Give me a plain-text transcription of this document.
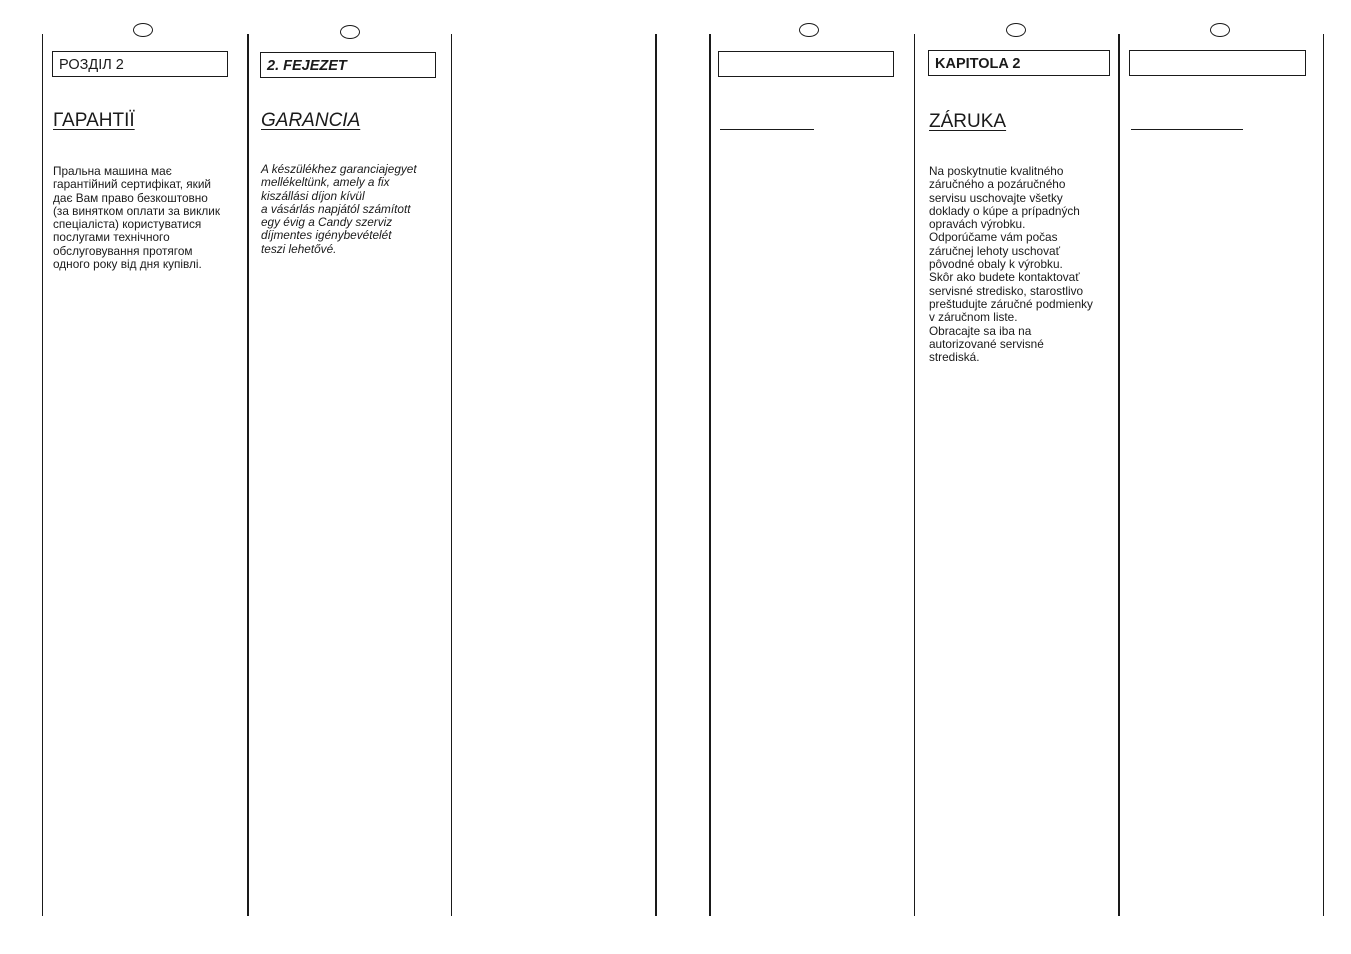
РОЗДІЛ 2
ГАРАНТІЇ
Пральна машина має
гарантійний сертифікат, який
дає Вам право безкоштовно
(за винятком оплати за виклик
спеціаліста) користуватися
послугами технічного
обслуговування протягом
одного року від дня купівлі.
2. FEJEZET
GARANCIA
A készülékhez garanciajegyet
mellékeltünk, amely a fix
kiszállási díjon kívül
a vásárlás napjától számított
egy évig a Candy szerviz
díjmentes igénybevételét
teszi lehetővé.
KAPITOLA 2
ZÁRUKA
Na poskytnutie kvalitného
záručného a pozáručného
servisu uschovajte všetky
doklady o kúpe a prípadných
opravách výrobku.
Odporúčame vám počas
záručnej lehoty uschovať
pôvodné obaly k výrobku.
Skôr ako budete kontaktovať
servisné stredisko, starostlivo
preštudujte záručné podmienky
v záručnom liste.
Obracajte sa iba na
autorizované servisné
strediská.
